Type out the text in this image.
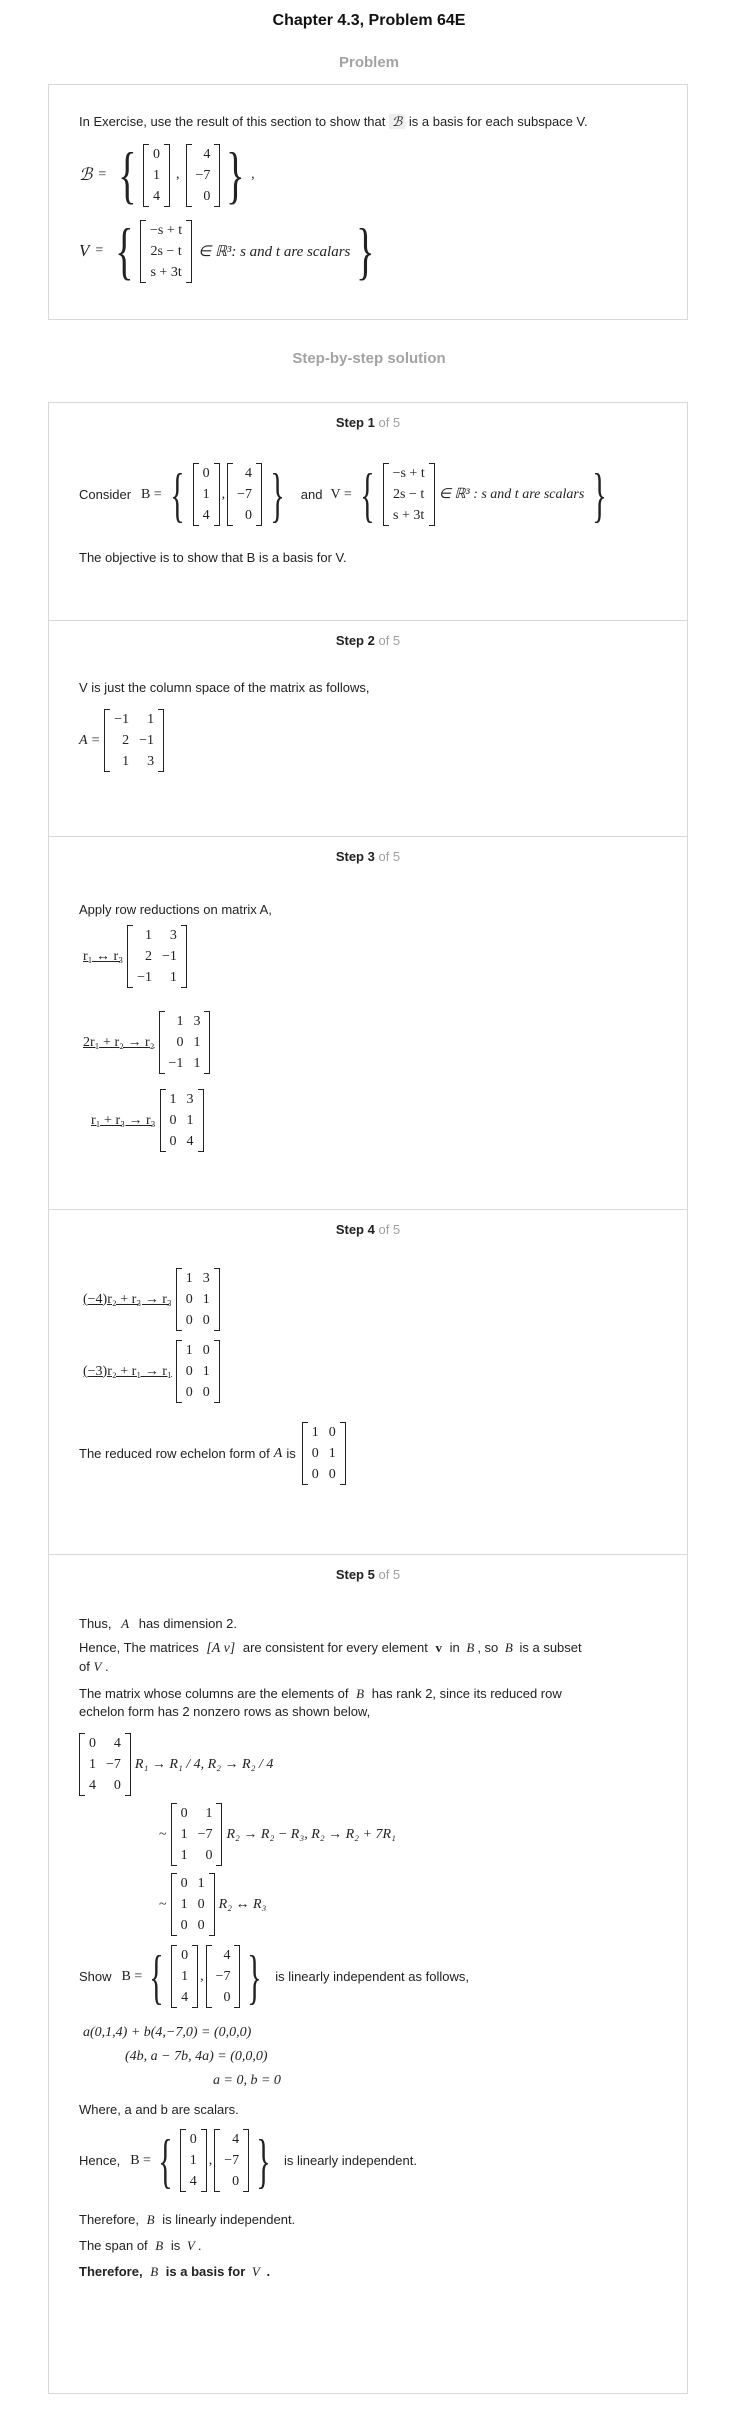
Chapter 4.3, Problem 64E
Problem
In Exercise, use the result of this section to show that ℬ is a basis for each subspace V.
ℬ = { 0
1
4
,
4
−7
0 } ,
V = { −s + t
2s − t
s + 3t
∈ ℝ³: s and t are scalars }
Step-by-step solution
Step 1 of 5
Consider B = { 0
1
4
,
4
−7
0 } and V = { −s + t
2s − t
s + 3t
∈ ℝ³ : s and t are scalars }
The objective is to show that B is a basis for V.
Step 2 of 5
V is just the column space of the matrix as follows,
A =
−1	1
2	−1
1	3
Step 3 of 5
Apply row reductions on matrix A,
r₁ ↔ r₃
1	3
2	−1
−1	1
2r₁ + r₂ → r₂
1	3
0	1
−1	1
r₁ + r₃ → r₃
1	3
0	1
0	4
Step 4 of 5
(−4)r₂ + r₃ → r₃
1	3
0	1
0	0
(−3)r₂ + r₁ → r₁
1	0
0	1
0	0
The reduced row echelon form of A is
1	0
0	1
0	0
Step 5 of 5
Thus, A has dimension 2.
Hence, The matrices [A v] are consistent for every element v in B , so B is a subset
of V .
The matrix whose columns are the elements of B has rank 2, since its reduced row
echelon form has 2 nonzero rows as shown below,
0	4
1	−7
4	0
R₁ → R₁ / 4, R₂ → R₂ / 4
~
0	1
1	−7
1	0
R₂ → R₂ − R₃, R₂ → R₂ + 7R₁
~
0	1
1	0
0	0
R₂ ↔ R₃
Show B = { 0
1
4
,
4
−7
0 } is linearly independent as follows,
a(0,1,4) + b(4,−7,0) = (0,0,0)
(4b, a − 7b, 4a) = (0,0,0)
a = 0, b = 0
Where, a and b are scalars.
Hence, B = { 0
1
4
,
4
−7
0 } is linearly independent.
Therefore, B is linearly independent.
The span of B is V .
Therefore, B is a basis for V .
